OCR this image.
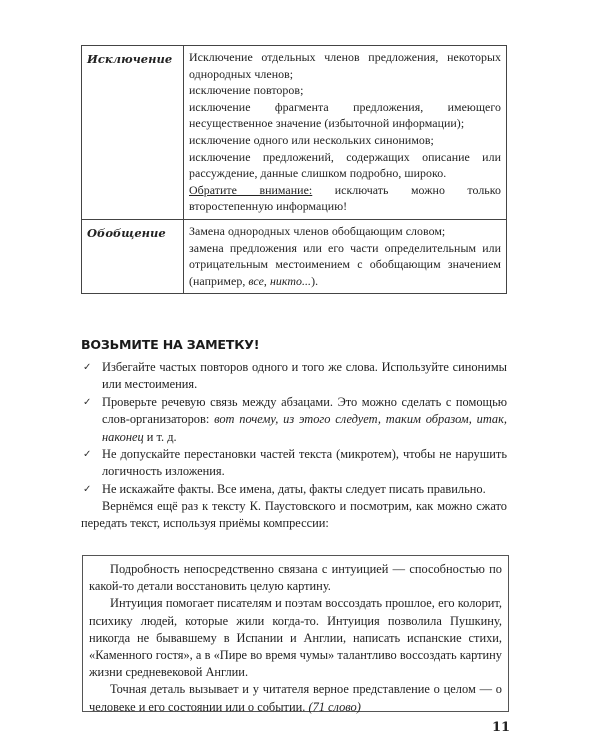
Исключение	Исключение отдельных членов предложения, некоторых однородных членов;
исключение повторов;
исключение фрагмента предложения, имеющего несущественное значение (избыточной информации);
исключение одного или нескольких синонимов;
исключение предложений, содержащих описание или рассуждение, данные слишком подробно, широко.
Обратите внимание: исключать можно только второстепенную информацию!

Обобщение	Замена однородных членов обобщающим словом;
замена предложения или его части определительным или отрицательным местоимением с обобщающим значением (например, все, никто...).
ВОЗЬМИТЕ НА ЗАМЕТКУ!
✓ Избегайте частых повторов одного и того же слова. Используйте синонимы или местоимения.
✓ Проверьте речевую связь между абзацами. Это можно сделать с помощью слов-организаторов: вот почему, из этого следует, таким образом, итак, наконец и т. д.
✓ Не допускайте перестановки частей текста (микротем), чтобы не нарушить логичность изложения.
✓ Не искажайте факты. Все имена, даты, факты следует писать правильно.
Вернёмся ещё раз к тексту К. Паустовского и посмотрим, как можно сжато передать текст, используя приёмы компрессии:

Подробность непосредственно связана с интуицией — способностью по какой-то детали восстановить целую картину.

Интуиция помогает писателям и поэтам воссоздать прошлое, его колорит, психику людей, которые жили когда-то. Интуиция позволила Пушкину, никогда не бывавшему в Испании и Англии, написать испанские стихи, «Каменного гостя», а в «Пире во время чумы» талантливо воссоздать картину жизни средневековой Англии.

Точная деталь вызывает и у читателя верное представление о целом — о человеке и его состоянии или о событии. (71 слово)

11
